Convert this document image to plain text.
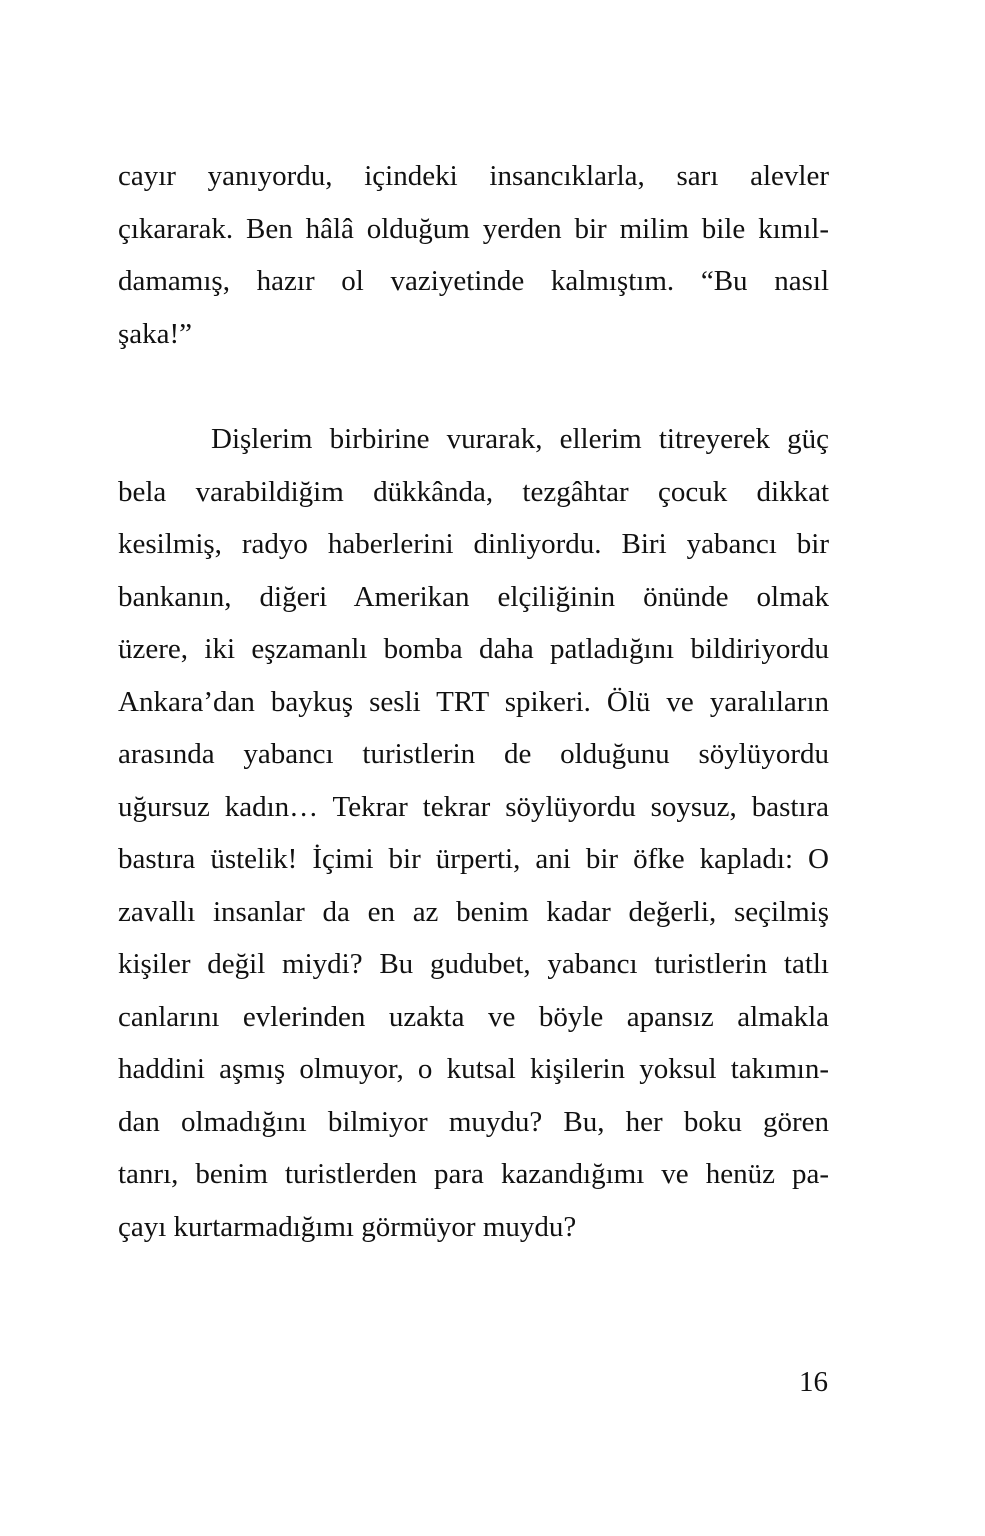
cayır yanıyordu, içindeki insancıklarla, sarı alevler
çıkararak. Ben hâlâ olduğum yerden bir milim bile kımıl-
damamış, hazır ol vaziyetinde kalmıştım. “Bu nasıl
şaka!”
Dişlerim birbirine vurarak, ellerim titreyerek güç
bela varabildiğim dükkânda, tezgâhtar çocuk dikkat
kesilmiş, radyo haberlerini dinliyordu. Biri yabancı bir
bankanın, diğeri Amerikan elçiliğinin önünde olmak
üzere, iki eşzamanlı bomba daha patladığını bildiriyordu
Ankara’dan baykuş sesli TRT spikeri. Ölü ve yaralıların
arasında yabancı turistlerin de olduğunu söylüyordu
uğursuz kadın… Tekrar tekrar söylüyordu soysuz, bastıra
bastıra üstelik! İçimi bir ürperti, ani bir öfke kapladı: O
zavallı insanlar da en az benim kadar değerli, seçilmiş
kişiler değil miydi? Bu gudubet, yabancı turistlerin tatlı
canlarını evlerinden uzakta ve böyle apansız almakla
haddini aşmış olmuyor, o kutsal kişilerin yoksul takımın-
dan olmadığını bilmiyor muydu? Bu, her boku gören
tanrı, benim turistlerden para kazandığımı ve henüz pa-
çayı kurtarmadığımı görmüyor muydu?
16
